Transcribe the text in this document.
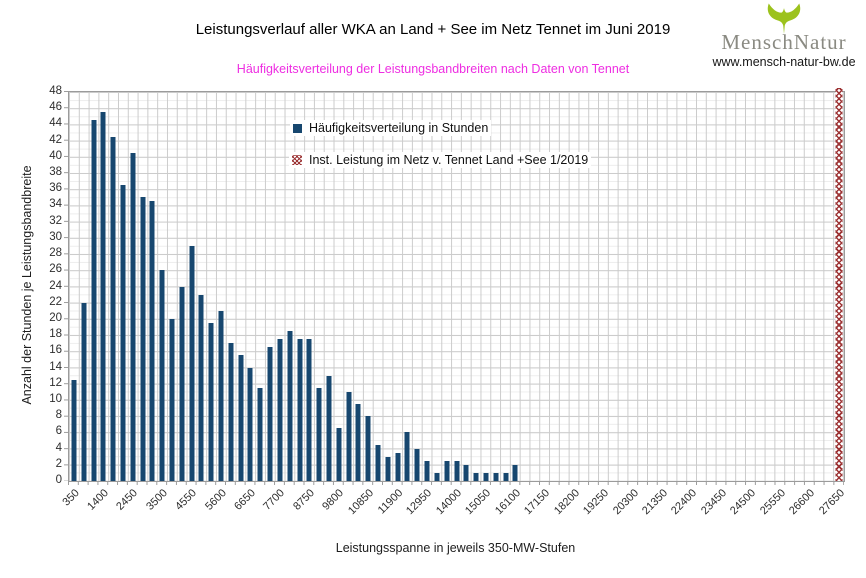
Leistungsverlauf aller WKA an Land + See im Netz Tennet im Juni 2019
MenschNatur
www.mensch-natur-bw.de
Häufigkeitsverteilung der Leistungsbandbreiten nach Daten von Tennet
Anzahl der Stunden je Leistungsbandbreite
350 1400 2450 3500 4550 5600 6650 7700 8750 9800 10850 11900 12950 14000 15050 16100 17150 18200 19250 20300 21350 22400 23450 24500 25550 26600 27650
Häufigkeitsverteilung in Stunden
Inst. Leistung im Netz v. Tennet Land +See 1/2019
Leistungsspanne in jeweils 350-MW-Stufen
48
46
44
42
40
38
36
34
32
30
28
26
24
22
20
18
16
14
12
10
8
6
4
2
0
